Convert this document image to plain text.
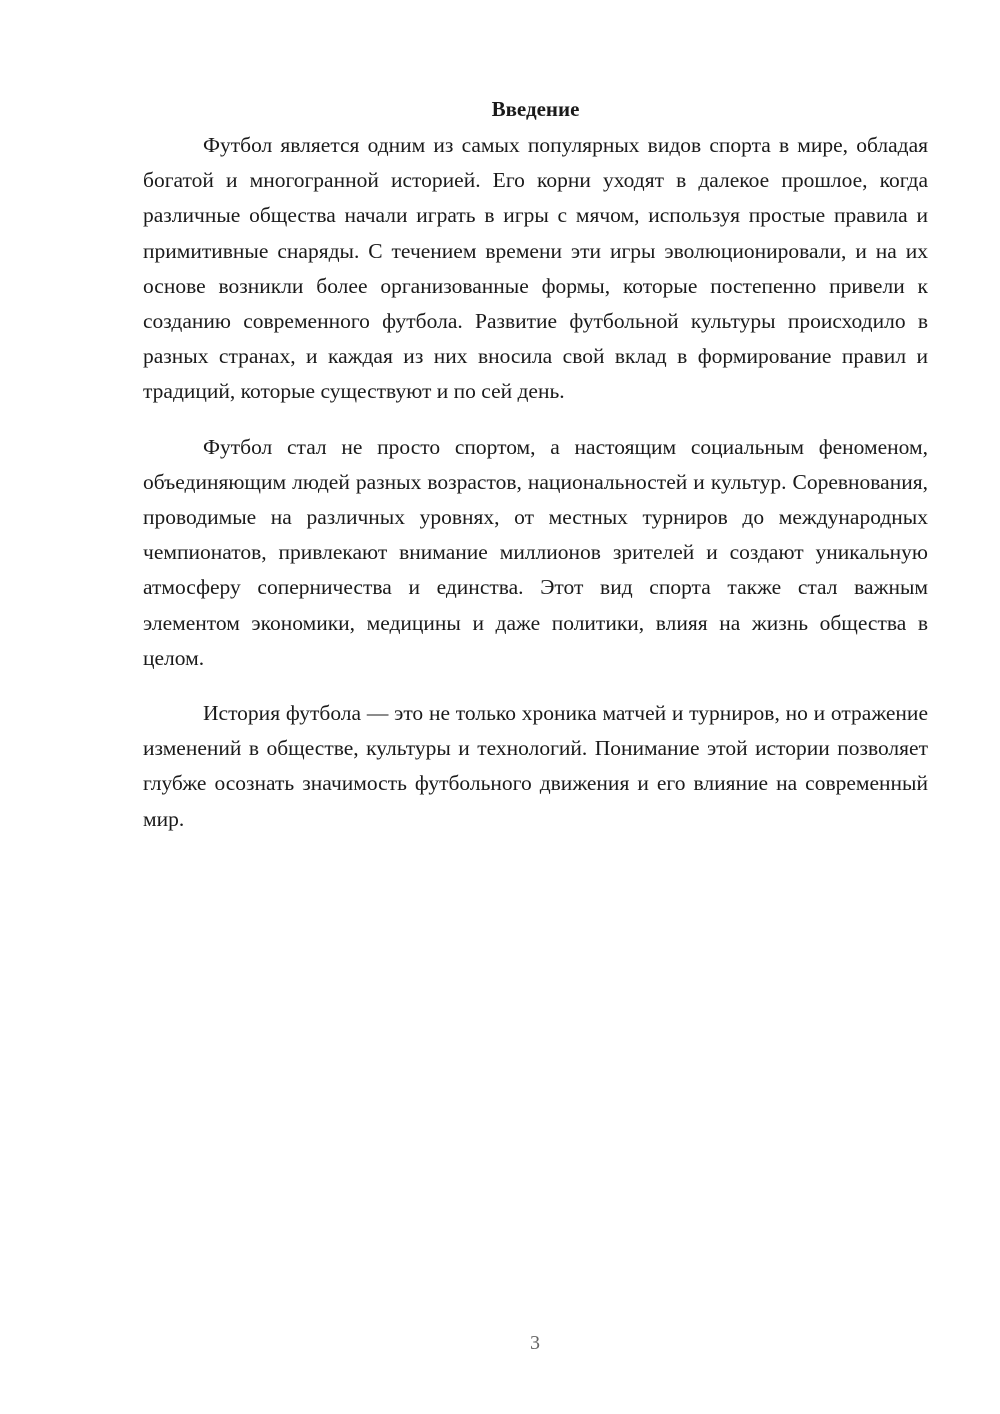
Введение

Футбол является одним из самых популярных видов спорта в мире, обладая богатой и многогранной историей. Его корни уходят в далекое прошлое, когда различные общества начали играть в игры с мячом, используя простые правила и примитивные снаряды. С течением времени эти игры эволюционировали, и на их основе возникли более организованные формы, которые постепенно привели к созданию современного футбола. Развитие футбольной культуры происходило в разных странах, и каждая из них вносила свой вклад в формирование правил и традиций, которые существуют и по сей день.

Футбол стал не просто спортом, а настоящим социальным феноменом, объединяющим людей разных возрастов, национальностей и культур. Соревнования, проводимые на различных уровнях, от местных турниров до международных чемпионатов, привлекают внимание миллионов зрителей и создают уникальную атмосферу соперничества и единства. Этот вид спорта также стал важным элементом экономики, медицины и даже политики, влияя на жизнь общества в целом.

История футбола — это не только хроника матчей и турниров, но и отражение изменений в обществе, культуры и технологий. Понимание этой истории позволяет глубже осознать значимость футбольного движения и его влияние на современный мир.

3
